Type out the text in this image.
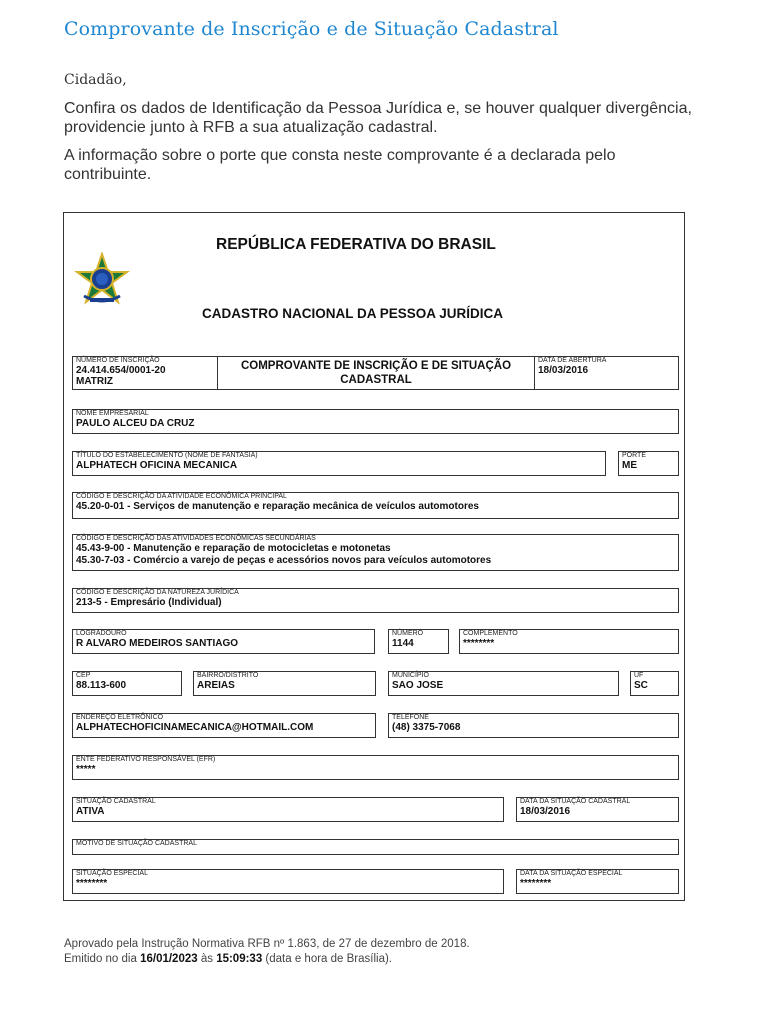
Comprovante de Inscrição e de Situação Cadastral
Cidadão,
Confira os dados de Identificação da Pessoa Jurídica e, se houver qualquer divergência, providencie junto à RFB a sua atualização cadastral.
A informação sobre o porte que consta neste comprovante é a declarada pelo contribuinte.
REPÚBLICA FEDERATIVA DO BRASIL
CADASTRO NACIONAL DA PESSOA JURÍDICA
NÚMERO DE INSCRIÇÃO
24.414.654/0001-20
MATRIZ
COMPROVANTE DE INSCRIÇÃO E DE SITUAÇÃO CADASTRAL
DATA DE ABERTURA
18/03/2016
NOME EMPRESARIAL
PAULO ALCEU DA CRUZ
TÍTULO DO ESTABELECIMENTO (NOME DE FANTASIA)
ALPHATECH OFICINA MECANICA
PORTE
ME
CÓDIGO E DESCRIÇÃO DA ATIVIDADE ECONÔMICA PRINCIPAL
45.20-0-01 - Serviços de manutenção e reparação mecânica de veículos automotores
CÓDIGO E DESCRIÇÃO DAS ATIVIDADES ECONÔMICAS SECUNDÁRIAS
45.43-9-00 - Manutenção e reparação de motocicletas e motonetas
45.30-7-03 - Comércio a varejo de peças e acessórios novos para veículos automotores
CÓDIGO E DESCRIÇÃO DA NATUREZA JURÍDICA
213-5 - Empresário (Individual)
LOGRADOURO
R ALVARO MEDEIROS SANTIAGO
NÚMERO
1144
COMPLEMENTO
********
CEP
88.113-600
BAIRRO/DISTRITO
AREIAS
MUNICÍPIO
SAO JOSE
UF
SC
ENDEREÇO ELETRÔNICO
ALPHATECHOFICINAMECANICA@HOTMAIL.COM
TELEFONE
(48) 3375-7068
ENTE FEDERATIVO RESPONSÁVEL (EFR)
*****
SITUAÇÃO CADASTRAL
ATIVA
DATA DA SITUAÇÃO CADASTRAL
18/03/2016
MOTIVO DE SITUAÇÃO CADASTRAL
SITUAÇÃO ESPECIAL
********
DATA DA SITUAÇÃO ESPECIAL
********
Aprovado pela Instrução Normativa RFB nº 1.863, de 27 de dezembro de 2018.
Emitido no dia 16/01/2023 às 15:09:33 (data e hora de Brasília).
